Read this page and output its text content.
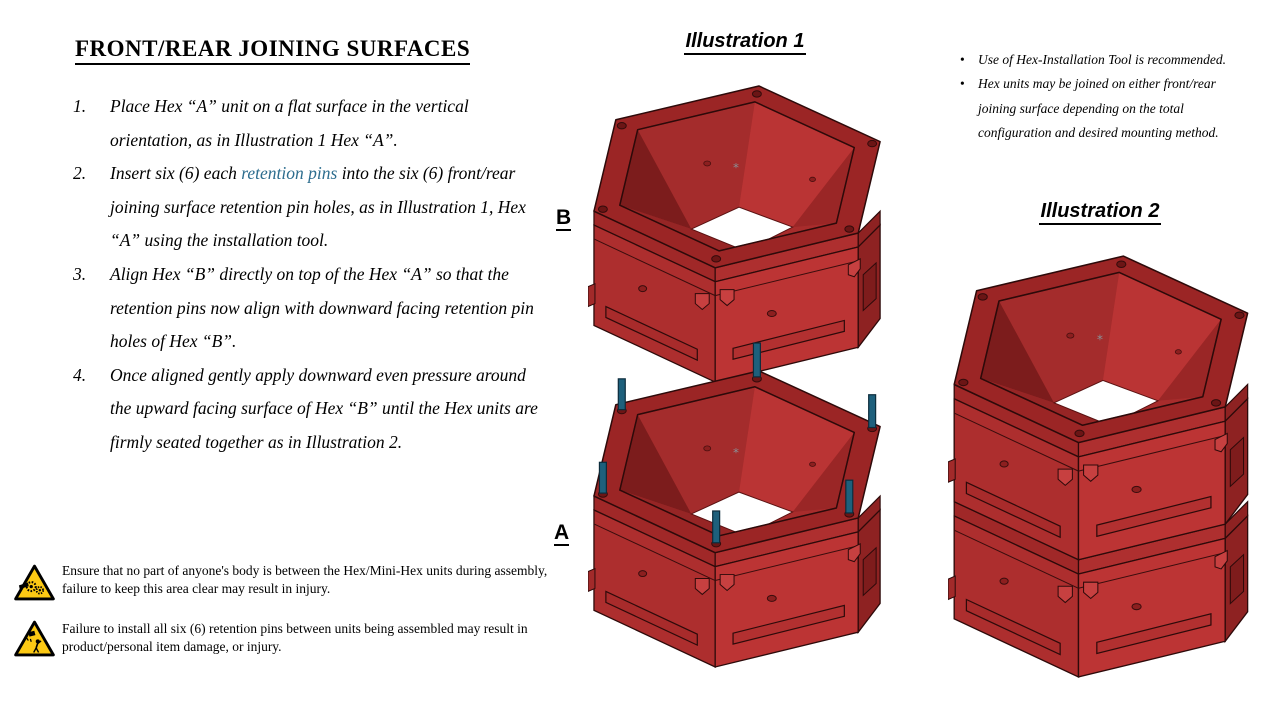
FRONT/REAR JOINING SURFACES
1.	Place Hex “A” unit on a flat surface in the vertical orientation, as in Illustration 1 Hex “A”.
2.	Insert six (6) each retention pins into the six (6) front/rear joining surface retention pin holes, as in Illustration 1, Hex “A” using the installation tool.
3.	Align Hex “B” directly on top of the Hex “A” so that the retention pins now align with downward facing retention pin holes of Hex “B”.
4.	Once aligned gently apply downward even pressure around the upward facing surface of Hex “B” until the Hex units are firmly seated together as in Illustration 2.
Ensure that no part of anyone's body is between the Hex/Mini-Hex units during assembly, failure to keep this area clear may result in injury.
Failure to install all six (6) retention pins between units being assembled may result in product/personal item damage, or injury.
Illustration 1
B
A
Illustration 2
• Use of Hex-Installation Tool is recommended.
• Hex units may be joined on either front/rear joining surface depending on the total configuration and desired mounting method.
